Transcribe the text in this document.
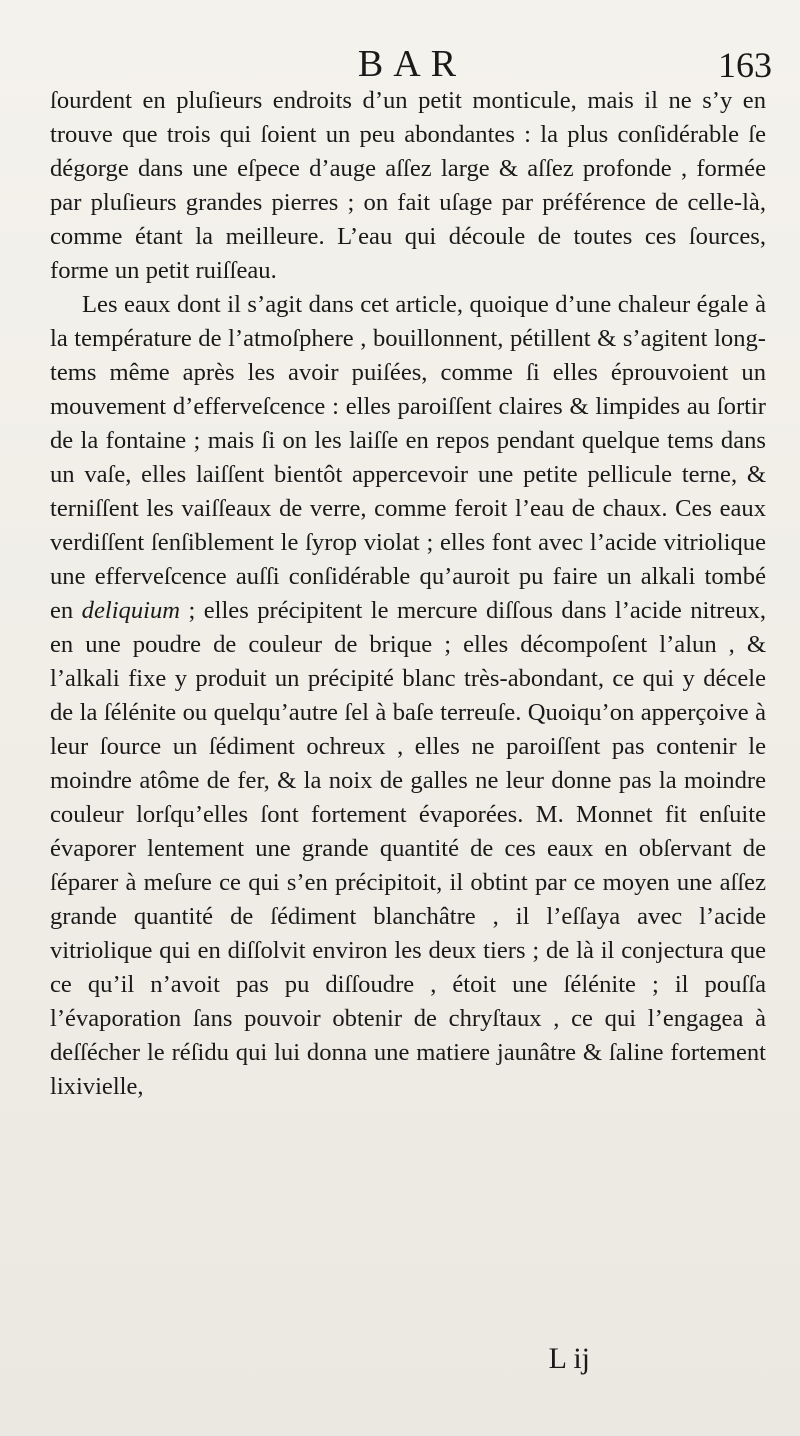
BAR	163

ſourdent en pluſieurs endroits d’un petit monticule, mais il ne s’y en trouve que trois qui ſoient un peu abondantes : la plus conſidérable ſe dégorge dans une eſpece d’auge aſſez large & aſſez profonde , formée par pluſieurs grandes pierres ; on fait uſage par préférence de celle-là, comme étant la meilleure. L’eau qui découle de toutes ces ſources, forme un petit ruiſſeau.

Les eaux dont il s’agit dans cet article, quoique d’une chaleur égale à la température de l’atmoſphere , bouillonnent, pétillent & s’agitent long-tems même après les avoir puiſées, comme ſi elles éprouvoient un mouvement d’efferveſcence : elles paroiſſent claires & limpides au ſortir de la fontaine ; mais ſi on les laiſſe en repos pendant quelque tems dans un vaſe, elles laiſſent bientôt appercevoir une petite pellicule terne, & terniſſent les vaiſſeaux de verre, comme feroit l’eau de chaux. Ces eaux verdiſſent ſenſiblement le ſyrop violat ; elles font avec l’acide vitriolique une efferveſcence auſſi conſidérable qu’auroit pu faire un alkali tombé en deliquium ; elles précipitent le mercure diſſous dans l’acide nitreux, en une poudre de couleur de brique ; elles décompoſent l’alun , & l’alkali fixe y produit un précipité blanc très-abondant, ce qui y décele de la ſélénite ou quelqu’autre ſel à baſe terreuſe. Quoiqu’on apperçoive à leur ſource un ſédiment ochreux , elles ne paroiſſent pas contenir le moindre atôme de fer, & la noix de galles ne leur donne pas la moindre couleur lorſqu’elles ſont fortement évaporées. M. Monnet fit enſuite évaporer lentement une grande quantité de ces eaux en obſervant de ſéparer à meſure ce qui s’en précipitoit, il obtint par ce moyen une aſſez grande quantité de ſédiment blanchâtre , il l’eſſaya avec l’acide vitriolique qui en diſſolvit environ les deux tiers ; de là il conjectura que ce qu’il n’avoit pas pu diſſoudre , étoit une ſélénite ; il pouſſa l’évaporation ſans pouvoir obtenir de chryſtaux , ce qui l’engagea à deſſécher le réſidu qui lui donna une matiere jaunâtre & ſaline fortement lixivielle,

L ij
